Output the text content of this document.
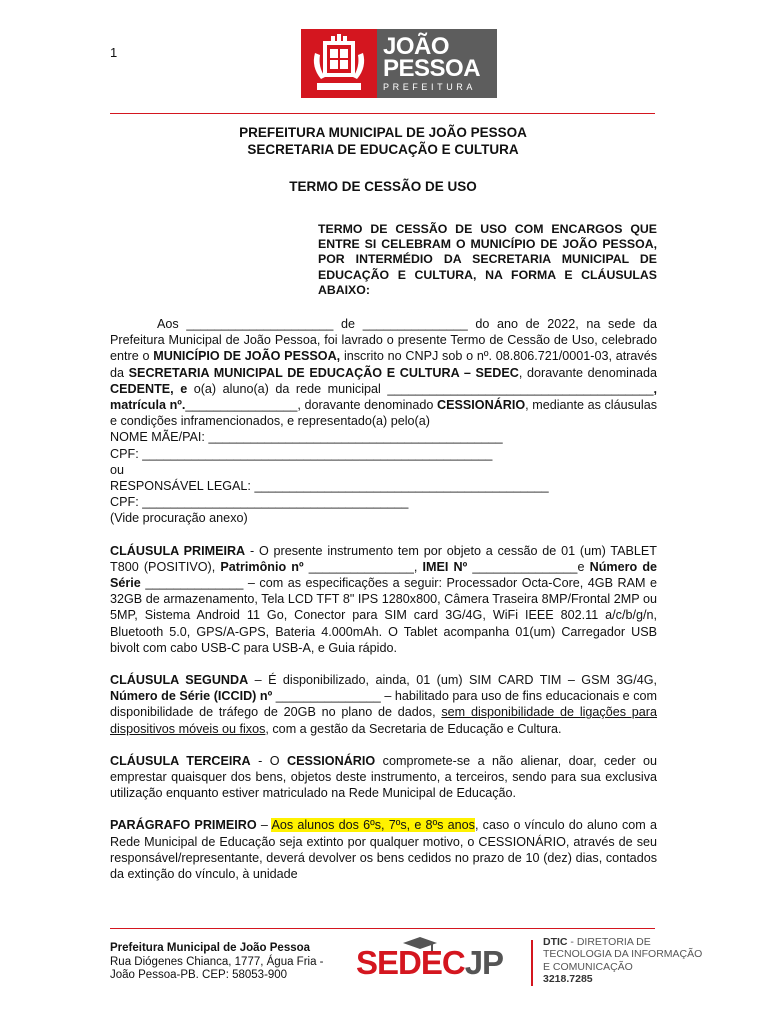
1	JOÃO
PESSOA
PREFEITURA
PREFEITURA MUNICIPAL DE JOÃO PESSOA
SECRETARIA DE EDUCAÇÃO E CULTURA
TERMO DE CESSÃO DE USO
TERMO DE CESSÃO DE USO COM ENCARGOS QUE ENTRE SI CELEBRAM O MUNICÍPIO DE JOÃO PESSOA, POR INTERMÉDIO DA SECRETARIA MUNICIPAL DE EDUCAÇÃO E CULTURA, NA FORMA E CLÁUSULAS ABAIXO:

Aos _____________________ de _______________ do ano de 2022, na sede da Prefeitura Municipal de João Pessoa, foi lavrado o presente Termo de Cessão de Uso, celebrado entre o MUNICÍPIO DE JOÃO PESSOA, inscrito no CNPJ sob o nº. 08.806.721/0001-03, através da SECRETARIA MUNICIPAL DE EDUCAÇÃO E CULTURA – SEDEC, doravante denominada CEDENTE, e o(a) aluno(a) da rede municipal ______________________________________, matrícula nº.________________, doravante denominado CESSIONÁRIO, mediante as cláusulas e condições inframencionados, e representado(a) pelo(a)

NOME MÃE/PAI: __________________________________________

CPF: __________________________________________________

ou

RESPONSÁVEL LEGAL: __________________________________________

CPF: ______________________________________

(Vide procuração anexo)

CLÁUSULA PRIMEIRA - O presente instrumento tem por objeto a cessão de 01 (um) TABLET T800 (POSITIVO), Patrimônio nº _______________, IMEI Nº _______________e Número de Série ______________ – com as especificações a seguir: Processador Octa-Core, 4GB RAM e 32GB de armazenamento, Tela LCD TFT 8" IPS 1280x800, Câmera Traseira 8MP/Frontal 2MP ou 5MP, Sistema Android 11 Go, Conector para SIM card 3G/4G, WiFi IEEE 802.11 a/c/b/g/n, Bluetooth 5.0, GPS/A-GPS, Bateria 4.000mAh. O Tablet acompanha 01(um) Carregador USB bivolt com cabo USB-C para USB-A, e Guia rápido.

CLÁUSULA SEGUNDA – É disponibilizado, ainda, 01 (um) SIM CARD TIM – GSM 3G/4G, Número de Série (ICCID) nº _______________ – habilitado para uso de fins educacionais e com disponibilidade de tráfego de 20GB no plano de dados, sem disponibilidade de ligações para dispositivos móveis ou fixos, com a gestão da Secretaria de Educação e Cultura.

CLÁUSULA TERCEIRA - O CESSIONÁRIO compromete-se a não alienar, doar, ceder ou emprestar quaisquer dos bens, objetos deste instrumento, a terceiros, sendo para sua exclusiva utilização enquanto estiver matriculado na Rede Municipal de Educação.

PARÁGRAFO PRIMEIRO – Aos alunos dos 6ºs, 7ºs, e 8ºs anos, caso o vínculo do aluno com a Rede Municipal de Educação seja extinto por qualquer motivo, o CESSIONÁRIO, através de seu responsável/representante, deverá devolver os bens cedidos no prazo de 10 (dez) dias, contados da extinção do vínculo, à unidade

Prefeitura Municipal de João Pessoa
Rua Diógenes Chianca, 1777, Água Fria -
João Pessoa-PB. CEP: 58053-900	SEDECJP
DTIC - DIRETORIA DE
TECNOLOGIA DA INFORMAÇÃO
E COMUNICAÇÃO
3218.7285
